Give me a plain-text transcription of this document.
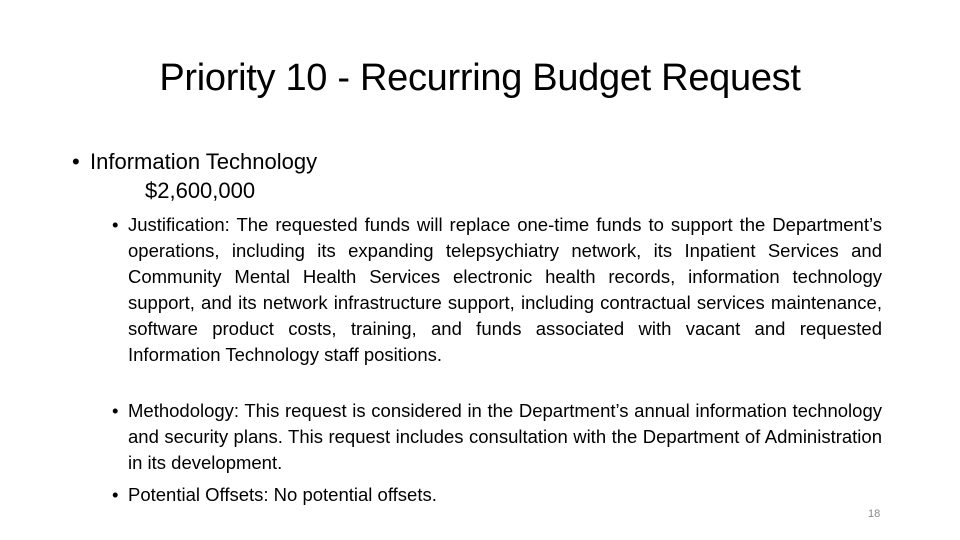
Priority 10 - Recurring Budget Request
• Information Technology
$2,600,000
• Justification: The requested funds will replace one-time funds to support the Department’s operations, including its expanding telepsychiatry network, its Inpatient Services and Community Mental Health Services electronic health records, information technology support, and its network infrastructure support, including contractual services maintenance, software product costs, training, and funds associated with vacant and requested Information Technology staff positions.
• Methodology: This request is considered in the Department’s annual information technology and security plans. This request includes consultation with the Department of Administration in its development.
• Potential Offsets: No potential offsets.
18
